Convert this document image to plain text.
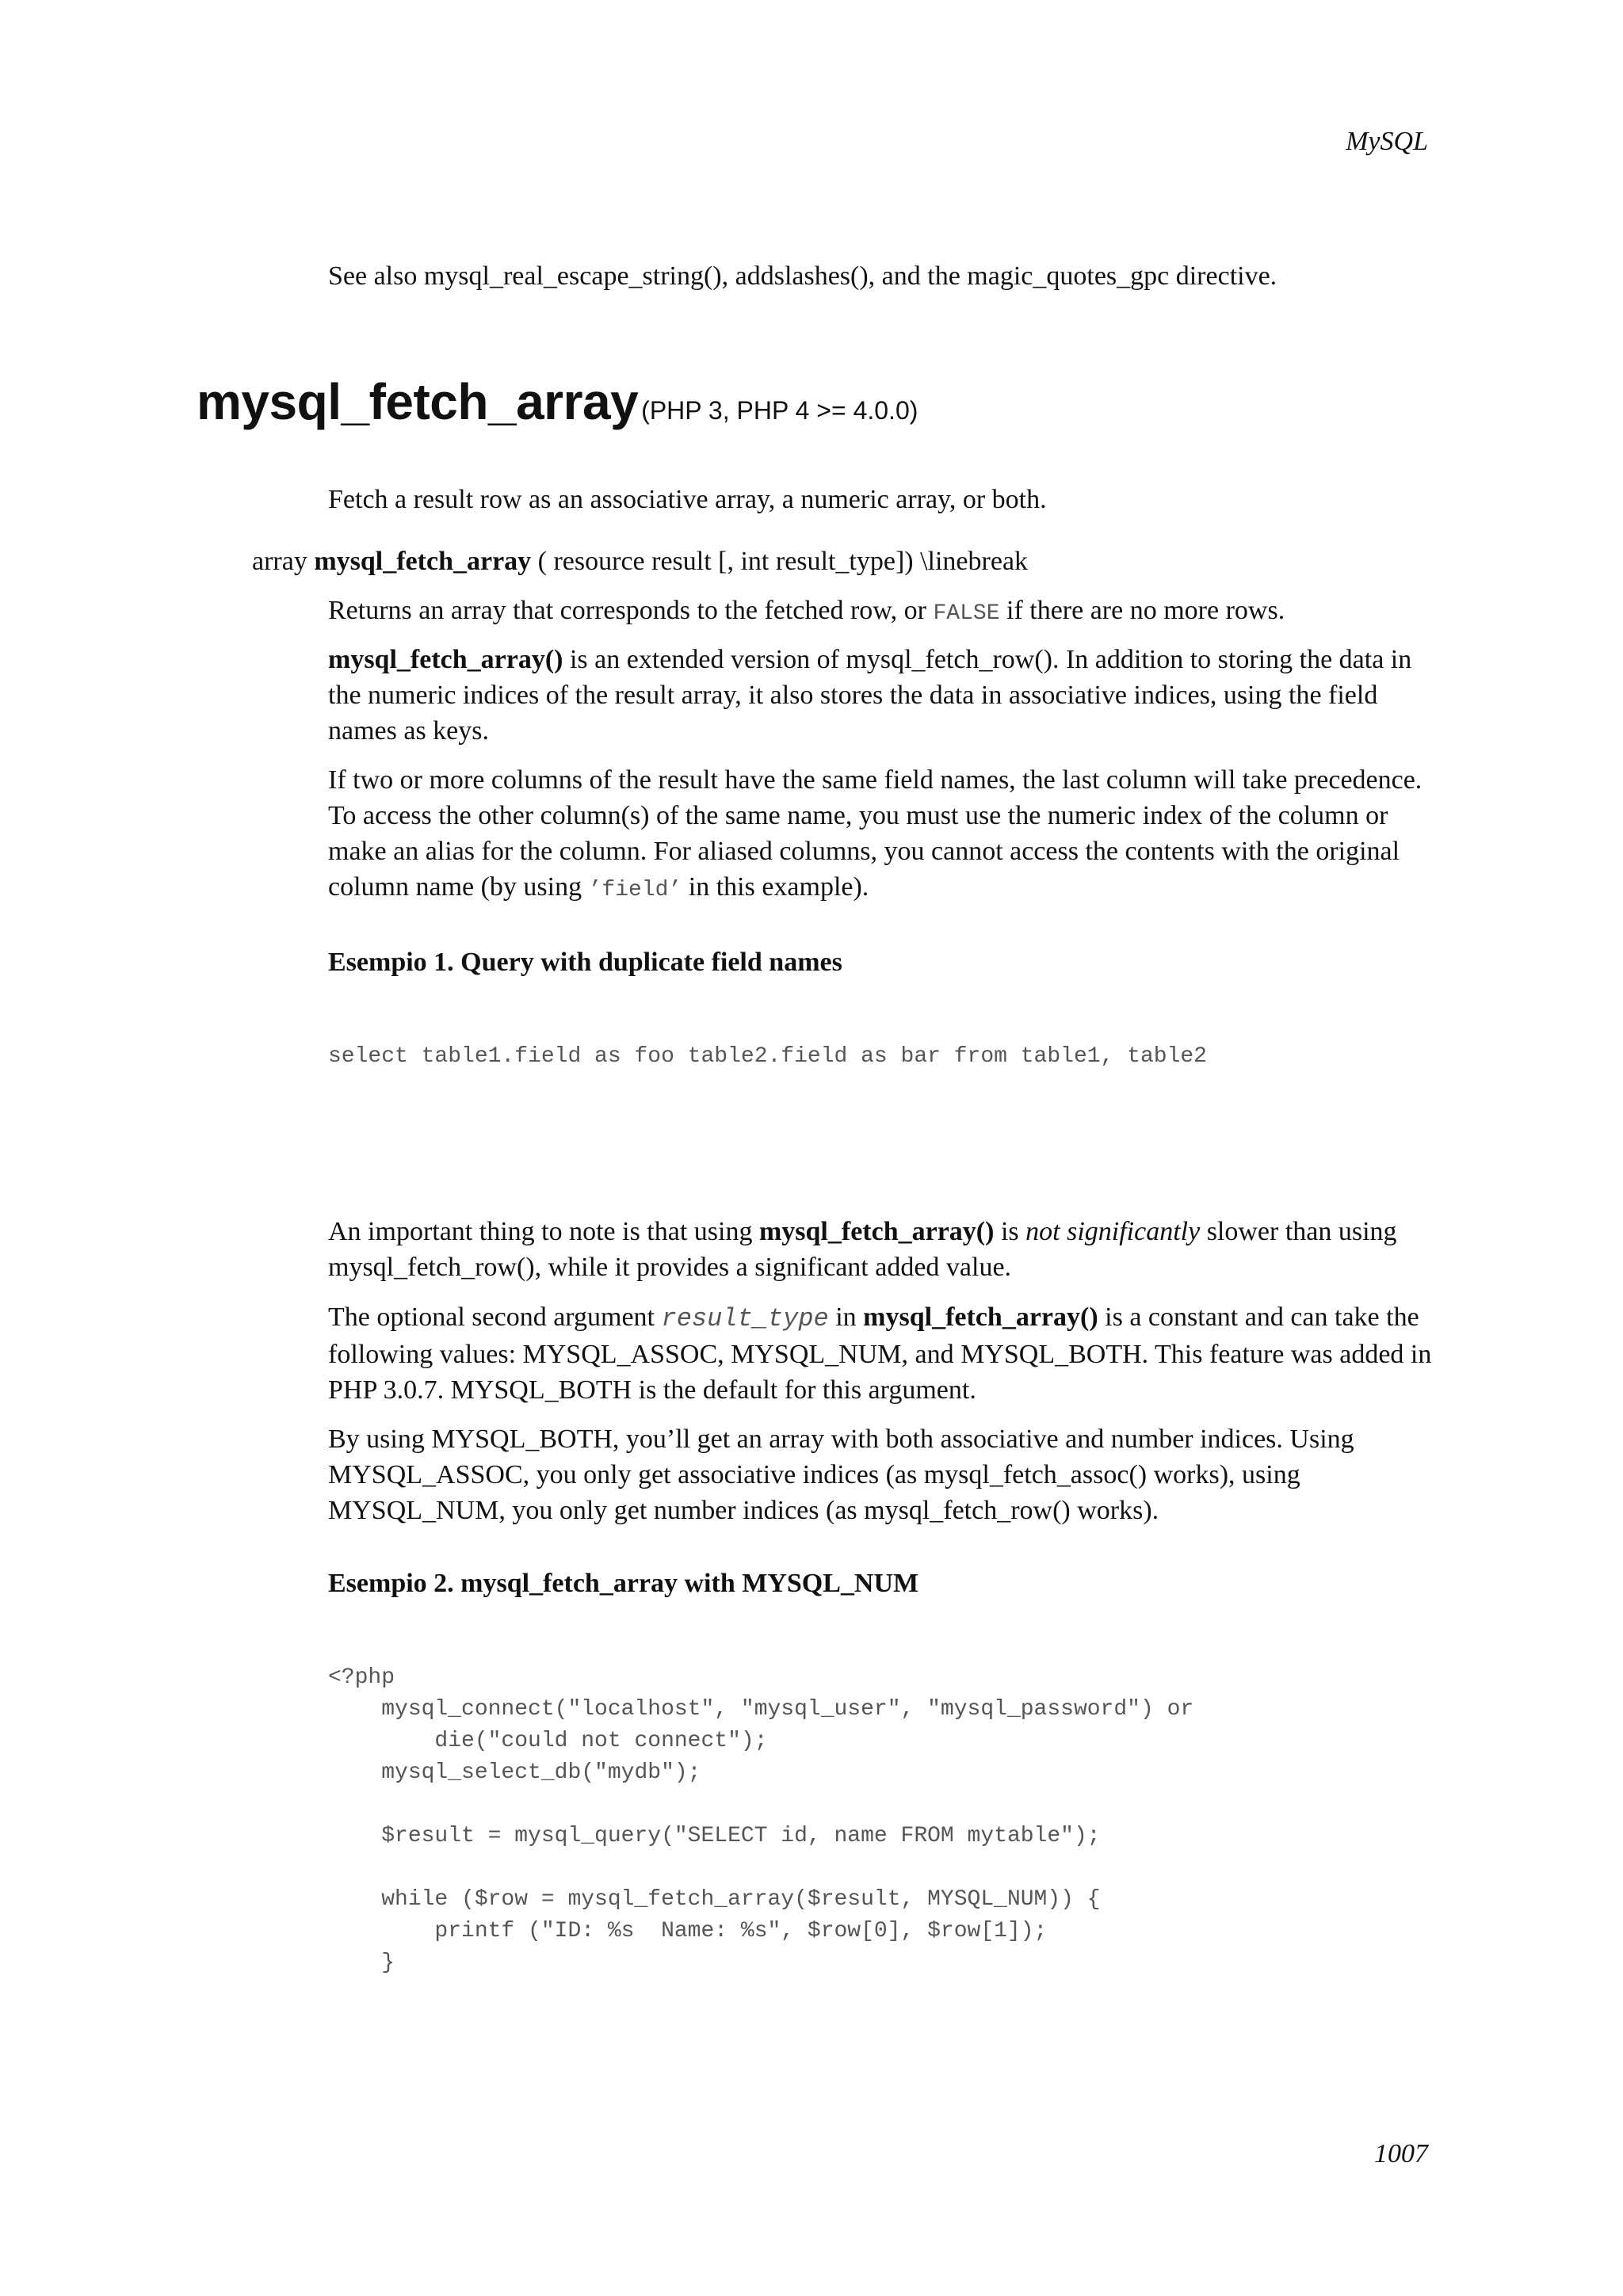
MySQL

See also mysql_real_escape_string(), addslashes(), and the magic_quotes_gpc directive.

mysql_fetch_array (PHP 3, PHP 4 >= 4.0.0)

Fetch a result row as an associative array, a numeric array, or both.

array mysql_fetch_array ( resource result [, int result_type]) \linebreak

Returns an array that corresponds to the fetched row, or FALSE if there are no more rows.

mysql_fetch_array() is an extended version of mysql_fetch_row(). In addition to storing the data in the numeric indices of the result array, it also stores the data in associative indices, using the field names as keys.

If two or more columns of the result have the same field names, the last column will take precedence. To access the other column(s) of the same name, you must use the numeric index of the column or make an alias for the column. For aliased columns, you cannot access the contents with the original column name (by using ’field’ in this example).

Esempio 1. Query with duplicate field names
select table1.field as foo table2.field as bar from table1, table2

An important thing to note is that using mysql_fetch_array() is not significantly slower than using mysql_fetch_row(), while it provides a significant added value.

The optional second argument result_type in mysql_fetch_array() is a constant and can take the following values: MYSQL_ASSOC, MYSQL_NUM, and MYSQL_BOTH. This feature was added in PHP 3.0.7. MYSQL_BOTH is the default for this argument.

By using MYSQL_BOTH, you’ll get an array with both associative and number indices. Using MYSQL_ASSOC, you only get associative indices (as mysql_fetch_assoc() works), using MYSQL_NUM, you only get number indices (as mysql_fetch_row() works).

Esempio 2. mysql_fetch_array with MYSQL_NUM
<?php
mysql_connect("localhost", "mysql_user", "mysql_password") or
die("could not connect");
mysql_select_db("mydb");

$result = mysql_query("SELECT id, name FROM mytable");

while ($row = mysql_fetch_array($result, MYSQL_NUM)) {
printf ("ID: %s  Name: %s", $row[0], $row[1]);
}
1007
